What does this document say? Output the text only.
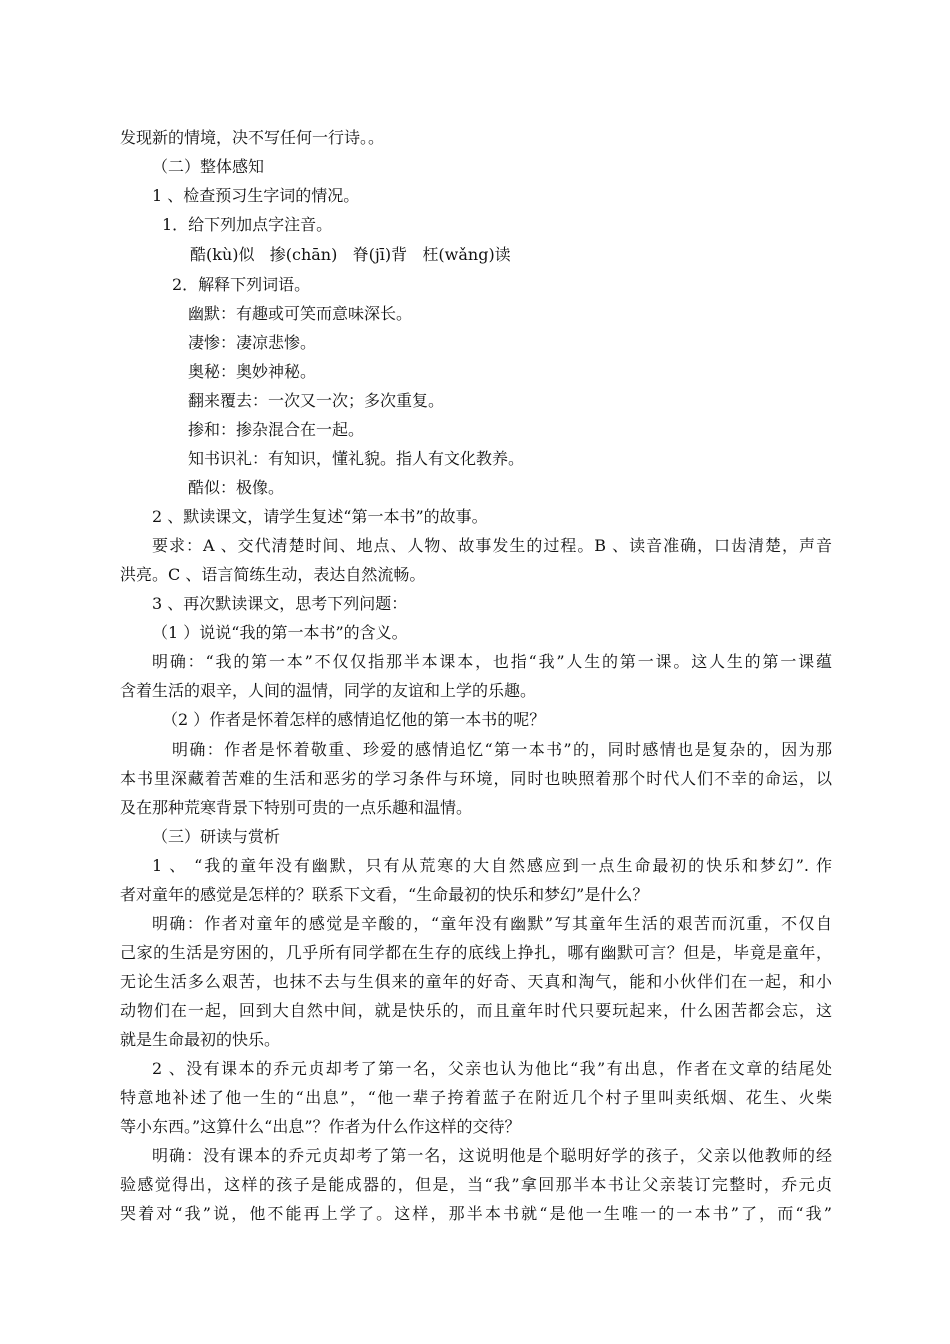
发现新的情境，决不写任何一行诗。。
（二）整体感知
1 、检查预习生字词的情况。
1．给下列加点字注音。
酷(kù)似   掺(chān)   脊(jī)背   枉(wǎng)读
2．解释下列词语。
幽默：有趣或可笑而意味深长。
凄惨：凄凉悲惨。
奥秘：奥妙神秘。
翻来覆去：一次又一次；多次重复。
掺和：掺杂混合在一起。
知书识礼：有知识，懂礼貌。指人有文化教养。
酷似：极像。
2 、默读课文，请学生复述“第一本书”的故事。
要求：A 、交代清楚时间、地点、人物、故事发生的过程。B 、读音准确，口齿清楚，声音
洪亮。C 、语言简练生动，表达自然流畅。
3 、再次默读课文，思考下列问题：
（1 ）说说“我的第一本书”的含义。
明确：“我的第一本”不仅仅指那半本课本，也指“我”人生的第一课。这人生的第一课蕴
含着生活的艰辛，人间的温情，同学的友谊和上学的乐趣。
（2 ）作者是怀着怎样的感情追忆他的第一本书的呢？
明确：作者是怀着敬重、珍爱的感情追忆“第一本书”的，同时感情也是复杂的，因为那
本书里深藏着苦难的生活和恶劣的学习条件与环境，同时也映照着那个时代人们不幸的命运，以
及在那种荒寒背景下特别可贵的一点乐趣和温情。
（三）研读与赏析
1 、 “我的童年没有幽默，只有从荒寒的大自然感应到一点生命最初的快乐和梦幻”. 作
者对童年的感觉是怎样的？联系下文看，“生命最初的快乐和梦幻”是什么？
明确：作者对童年的感觉是辛酸的，“童年没有幽默”写其童年生活的艰苦而沉重，不仅自
己家的生活是穷困的，几乎所有同学都在生存的底线上挣扎，哪有幽默可言？但是，毕竟是童年，
无论生活多么艰苦，也抹不去与生俱来的童年的好奇、天真和淘气，能和小伙伴们在一起，和小
动物们在一起，回到大自然中间，就是快乐的，而且童年时代只要玩起来，什么困苦都会忘，这
就是生命最初的快乐。
2 、没有课本的乔元贞却考了第一名，父亲也认为他比“我”有出息，作者在文章的结尾处
特意地补述了他一生的“出息”，“他一辈子挎着蓝子在附近几个村子里叫卖纸烟、花生、火柴
等小东西。”这算什么“出息”？作者为什么作这样的交待？
明确：没有课本的乔元贞却考了第一名，这说明他是个聪明好学的孩子，父亲以他教师的经
验感觉得出，这样的孩子是能成器的，但是，当“我”拿回那半本书让父亲装订完整时，乔元贞
哭着对“我”说，他不能再上学了。这样，那半本书就“是他一生唯一的一本书”了，而“我”
